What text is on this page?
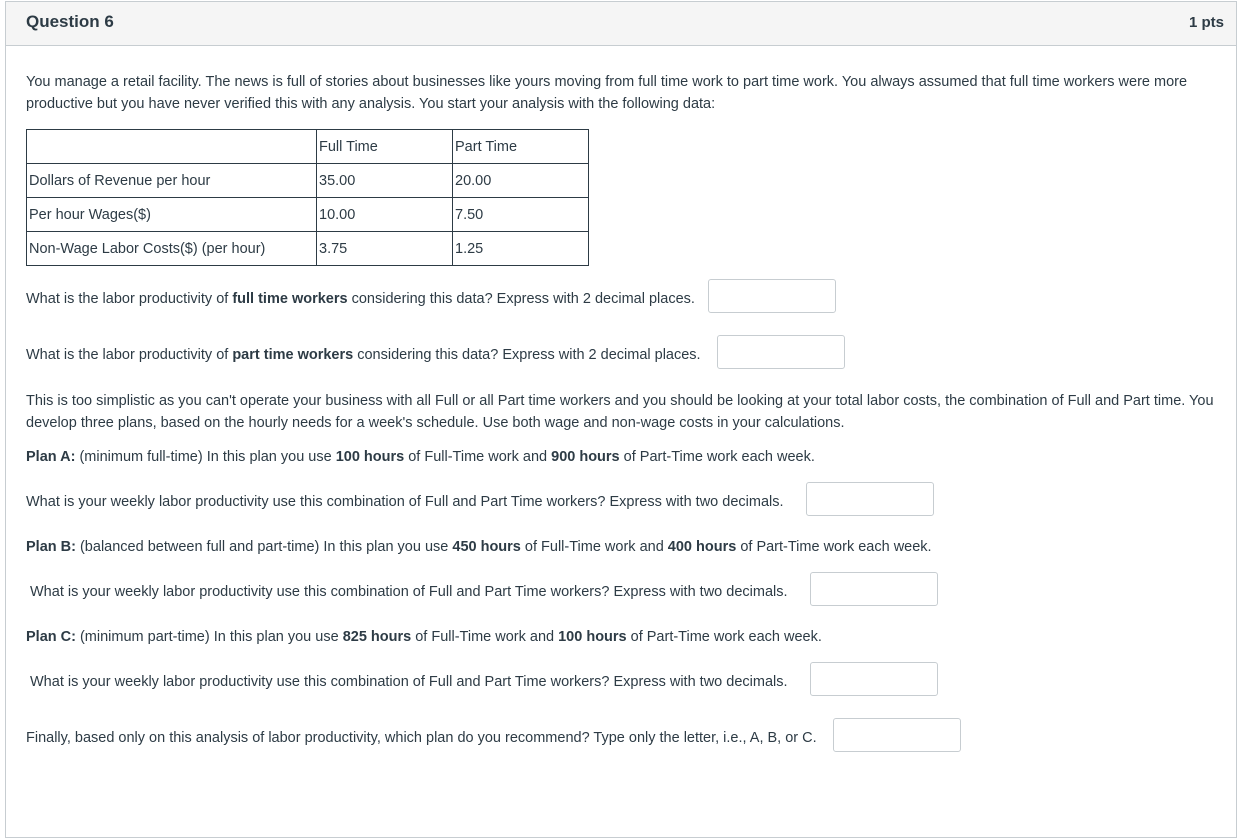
Question 6	1 pts
You manage a retail facility. The news is full of stories about businesses like yours moving from full time work to part time work. You always assumed that full time workers were more productive but you have never verified this with any analysis. You start your analysis with the following data:
	Full Time	Part Time
Dollars of Revenue per hour	35.00	20.00
Per hour Wages($)	10.00	7.50
Non-Wage Labor Costs($) (per hour)	3.75	1.25
What is the labor productivity of full time workers considering this data? Express with 2 decimal places.
What is the labor productivity of part time workers considering this data? Express with 2 decimal places.
This is too simplistic as you can't operate your business with all Full or all Part time workers and you should be looking at your total labor costs, the combination of Full and Part time. You develop three plans, based on the hourly needs for a week's schedule. Use both wage and non-wage costs in your calculations.
Plan A: (minimum full-time) In this plan you use 100 hours of Full-Time work and 900 hours of Part-Time work each week.
What is your weekly labor productivity use this combination of Full and Part Time workers? Express with two decimals.
Plan B: (balanced between full and part-time) In this plan you use 450 hours of Full-Time work and 400 hours of Part-Time work each week.
What is your weekly labor productivity use this combination of Full and Part Time workers? Express with two decimals.
Plan C: (minimum part-time) In this plan you use 825 hours of Full-Time work and 100 hours of Part-Time work each week.
What is your weekly labor productivity use this combination of Full and Part Time workers? Express with two decimals.
Finally, based only on this analysis of labor productivity, which plan do you recommend? Type only the letter, i.e., A, B, or C.
